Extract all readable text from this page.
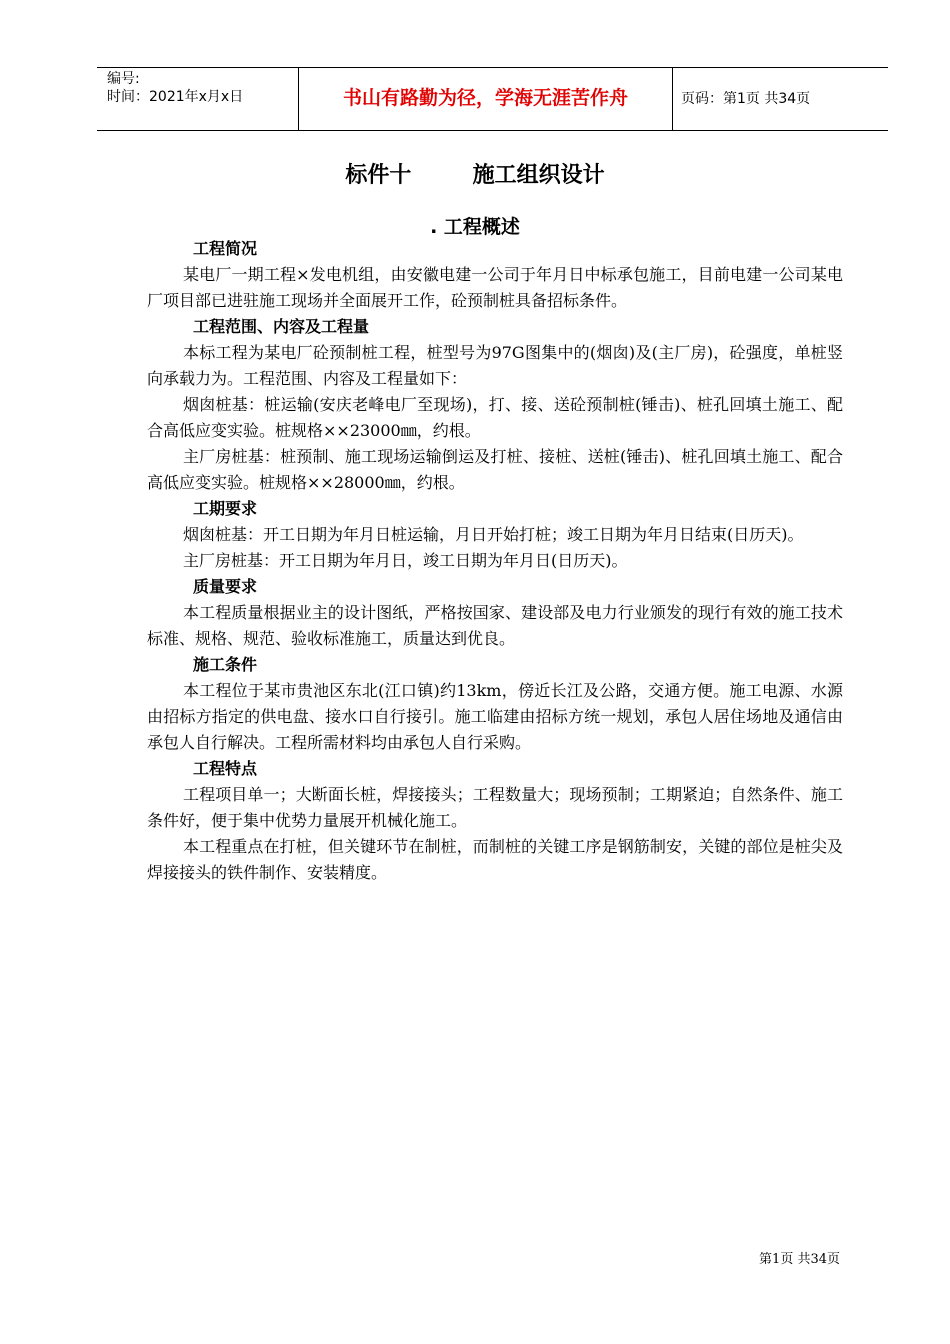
编号:
时间：2021年x月x日	书山有路勤为径，学海无涯苦作舟	页码：第1页 共34页
标件十        施工组织设计
. 工程概述

工程简况

某电厂一期工程×发电机组，由安徽电建一公司于年月日中标承包施工，目前电建一公司某电厂项目部已进驻施工现场并全面展开工作，砼预制桩具备招标条件。

工程范围、内容及工程量

本标工程为某电厂砼预制桩工程，桩型号为97G图集中的(烟囱)及(主厂房)，砼强度，单桩竖向承载力为。工程范围、内容及工程量如下：

烟囱桩基：桩运输(安庆老峰电厂至现场)，打、接、送砼预制桩(锤击)、桩孔回填土施工、配合高低应变实验。桩规格××23000㎜，约根。

主厂房桩基：桩预制、施工现场运输倒运及打桩、接桩、送桩(锤击)、桩孔回填土施工、配合高低应变实验。桩规格××28000㎜，约根。

工期要求

烟囱桩基：开工日期为年月日桩运输，月日开始打桩；竣工日期为年月日结束(日历天)。

主厂房桩基：开工日期为年月日，竣工日期为年月日(日历天)。

质量要求

本工程质量根据业主的设计图纸，严格按国家、建设部及电力行业颁发的现行有效的施工技术标准、规格、规范、验收标准施工，质量达到优良。

施工条件

本工程位于某市贵池区东北(江口镇)约13km，傍近长江及公路，交通方便。施工电源、水源由招标方指定的供电盘、接水口自行接引。施工临建由招标方统一规划，承包人居住场地及通信由承包人自行解决。工程所需材料均由承包人自行采购。

工程特点

工程项目单一；大断面长桩，焊接接头；工程数量大；现场预制；工期紧迫；自然条件、施工条件好，便于集中优势力量展开机械化施工。

本工程重点在打桩，但关键环节在制桩，而制桩的关键工序是钢筋制安，关键的部位是桩尖及焊接接头的铁件制作、安装精度。

第1页 共34页
